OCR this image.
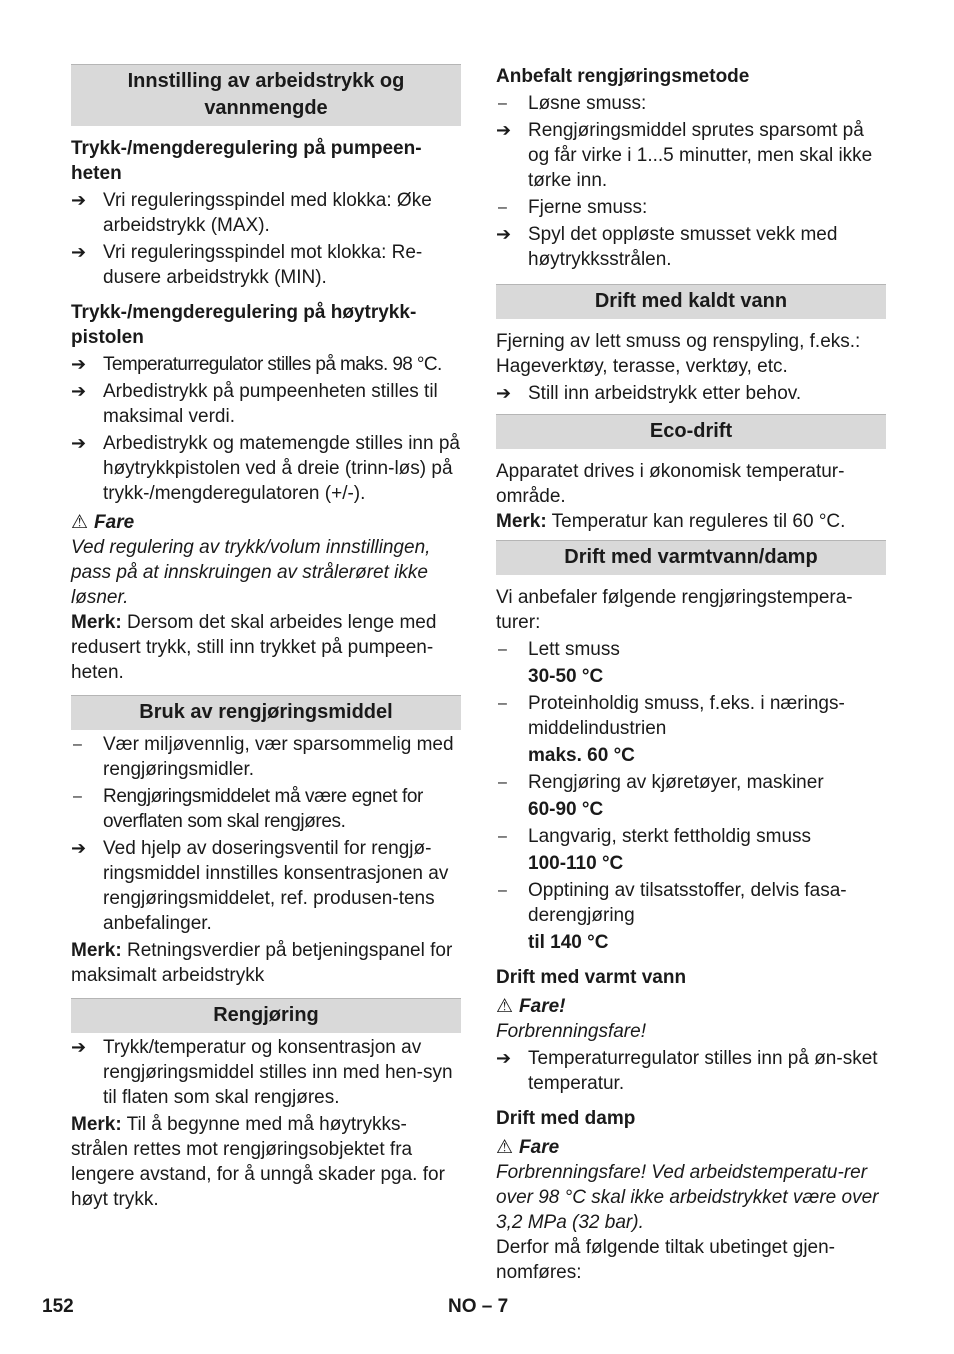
Innstilling av arbeidstrykk og vannmengde
Trykk-/mengderegulering på pumpeen-heten
➔ Vri reguleringsspindel med klokka: Øke arbeidstrykk (MAX).
➔ Vri reguleringsspindel mot klokka: Re-dusere arbeidstrykk (MIN).
Trykk-/mengderegulering på høytrykk-pistolen
➔ Temperaturregulator stilles på maks. 98 °C.
➔ Arbedistrykk på pumpeenheten stilles til maksimal verdi.
➔ Arbedistrykk og matemengde stilles inn på høytrykkpistolen ved å dreie (trinn-løs) på trykk-/mengderegulatoren (+/-).
⚠ Fare

Ved regulering av trykk/volum innstillingen, pass på at innskruingen av strålerøret ikke løsner.

Merk: Dersom det skal arbeides lenge med redusert trykk, still inn trykket på pumpeen-heten.

Bruk av rengjøringsmiddel
–	Vær miljøvennlig, vær sparsommelig med rengjøringsmidler.
–	Rengjøringsmiddelet må være egnet for overflaten som skal rengjøres.
➔ Ved hjelp av doseringsventil for rengjø-ringsmiddel innstilles konsentrasjonen av rengjøringsmiddelet, ref. produsen-tens anbefalinger.

Merk: Retningsverdier på betjeningspanel for maksimalt arbeidstrykk

Rengjøring
➔ Trykk/temperatur og konsentrasjon av rengjøringsmiddel stilles inn med hen-syn til flaten som skal rengjøres.

Merk: Til å begynne med må høytrykks-strålen rettes mot rengjøringsobjektet fra lengere avstand, for å unngå skader pga. for høyt trykk.

Anbefalt rengjøringsmetode
–	Løsne smuss:
➔ Rengjøringsmiddel sprutes sparsomt på og får virke i 1...5 minutter, men skal ikke tørke inn.
–	Fjerne smuss:
➔ Spyl det oppløste smusset vekk med høytrykksstrålen.
Drift med kaldt vann

Fjerning av lett smuss og renspyling, f.eks.: Hageverktøy, terasse, verktøy, etc.

➔ Still inn arbeidstrykk etter behov.
Eco-drift

Apparatet drives i økonomisk temperatur-område.

Merk: Temperatur kan reguleres til 60 °C.

Drift med varmtvann/damp

Vi anbefaler følgende rengjøringstempera-turer:

–	Lett smuss
30-50 °C
–	Proteinholdig smuss, f.eks. i nærings-middelindustrien
maks. 60 °C
–	Rengjøring av kjøretøyer, maskiner
60-90 °C
–	Langvarig, sterkt fettholdig smuss
100-110 °C
–	Opptining av tilsatsstoffer, delvis fasa-derengjøring
til 140 °C
Drift med varmt vann
⚠ Fare!

Forbrenningsfare!

➔ Temperaturregulator stilles inn på øn-sket temperatur.
Drift med damp
⚠ Fare

Forbrenningsfare! Ved arbeidstemperatu-rer over 98 °C skal ikke arbeidstrykket være over 3,2 MPa (32 bar).

Derfor må følgende tiltak ubetinget gjen-nomføres:

152	NO – 7
